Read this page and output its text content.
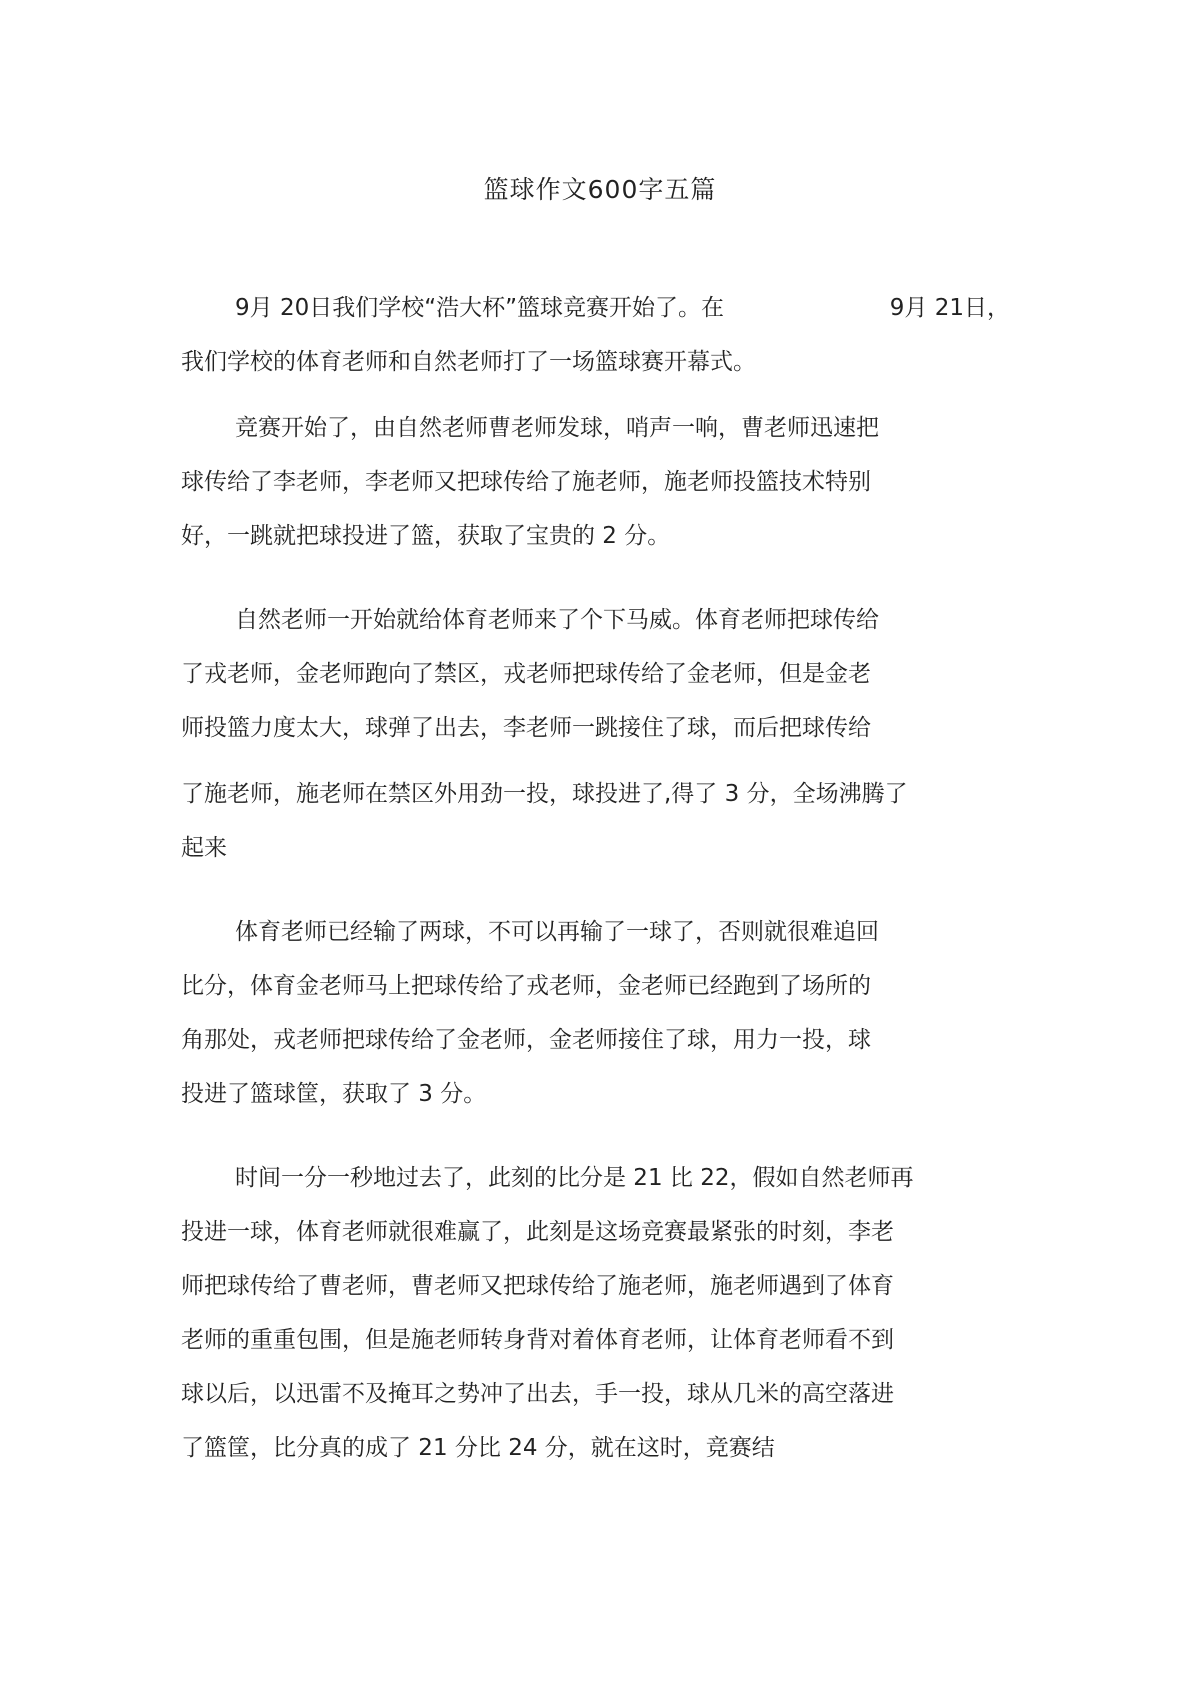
篮球作文600字五篇
9月 20日我们学校“浩大杯”篮球竞赛开始了。在	9月 21日，
我们学校的体育老师和自然老师打了一场篮球赛开幕式。
竞赛开始了，由自然老师曹老师发球，哨声一响，曹老师迅速把
球传给了李老师，李老师又把球传给了施老师，施老师投篮技术特别
好，一跳就把球投进了篮，获取了宝贵的 2 分。
自然老师一开始就给体育老师来了个下马威。体育老师把球传给
了戎老师，金老师跑向了禁区，戎老师把球传给了金老师，但是金老
师投篮力度太大，球弹了出去，李老师一跳接住了球，而后把球传给
了施老师，施老师在禁区外用劲一投，球投进了,得了 3 分，全场沸腾了
起来
体育老师已经输了两球，不可以再输了一球了，否则就很难追回
比分，体育金老师马上把球传给了戎老师，金老师已经跑到了场所的
角那处，戎老师把球传给了金老师，金老师接住了球，用力一投，球
投进了篮球筐，获取了 3 分。
时间一分一秒地过去了，此刻的比分是 21 比 22，假如自然老师再
投进一球，体育老师就很难赢了，此刻是这场竞赛最紧张的时刻，李老
师把球传给了曹老师，曹老师又把球传给了施老师，施老师遇到了体育
老师的重重包围，但是施老师转身背对着体育老师，让体育老师看不到
球以后，以迅雷不及掩耳之势冲了出去，手一投，球从几米的高空落进
了篮筐，比分真的成了 21 分比 24 分，就在这时，竞赛结
